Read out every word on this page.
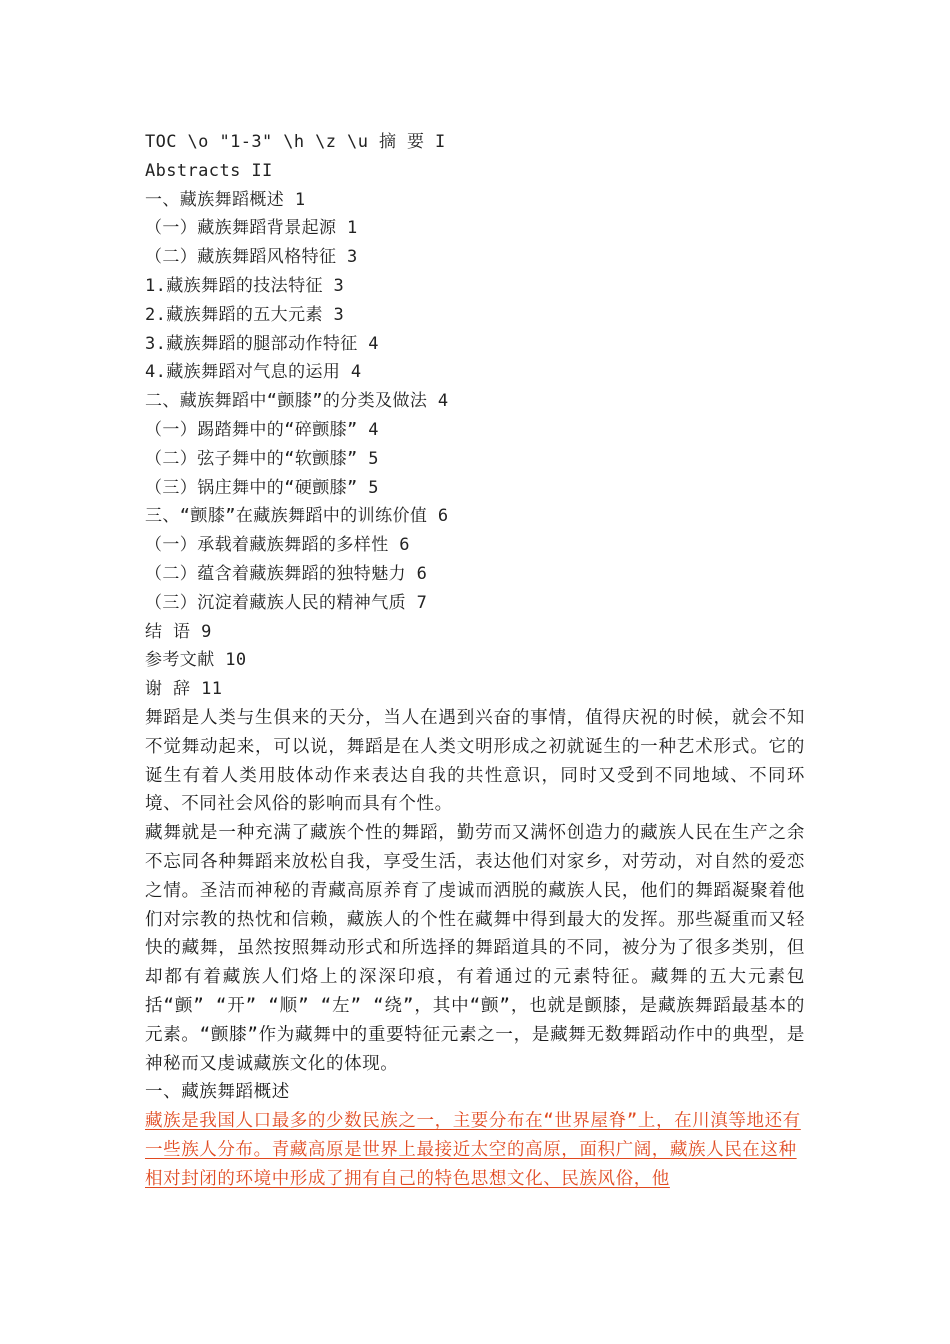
TOC \o "1-3" \h \z \u 摘 要 I
Abstracts II
一、藏族舞蹈概述 1
（一）藏族舞蹈背景起源 1
（二）藏族舞蹈风格特征 3
1.藏族舞蹈的技法特征 3
2.藏族舞蹈的五大元素 3
3.藏族舞蹈的腿部动作特征 4
4.藏族舞蹈对气息的运用 4
二、藏族舞蹈中“颤膝”的分类及做法 4
（一）踢踏舞中的“碎颤膝” 4
（二）弦子舞中的“软颤膝” 5
（三）锅庄舞中的“硬颤膝” 5
三、“颤膝”在藏族舞蹈中的训练价值 6
（一）承载着藏族舞蹈的多样性 6
（二）蕴含着藏族舞蹈的独特魅力 6
（三）沉淀着藏族人民的精神气质 7
结 语 9
参考文献 10
谢 辞 11

舞蹈是人类与生俱来的天分，当人在遇到兴奋的事情，值得庆祝的时候，就会不知不觉舞动起来，可以说，舞蹈是在人类文明形成之初就诞生的一种艺术形式。它的诞生有着人类用肢体动作来表达自我的共性意识，同时又受到不同地域、不同环境、不同社会风俗的影响而具有个性。

藏舞就是一种充满了藏族个性的舞蹈，勤劳而又满怀创造力的藏族人民在生产之余不忘同各种舞蹈来放松自我，享受生活，表达他们对家乡，对劳动，对自然的爱恋之情。圣洁而神秘的青藏高原养育了虔诚而洒脱的藏族人民，他们的舞蹈凝聚着他们对宗教的热忱和信赖，藏族人的个性在藏舞中得到最大的发挥。那些凝重而又轻快的藏舞，虽然按照舞动形式和所选择的舞蹈道具的不同，被分为了很多类别，但却都有着藏族人们烙上的深深印痕，有着通过的元素特征。藏舞的五大元素包括“颤” “开” “顺” “左” “绕”，其中“颤”，也就是颤膝，是藏族舞蹈最基本的元素。“颤膝”作为藏舞中的重要特征元素之一，是藏舞无数舞蹈动作中的典型，是神秘而又虔诚藏族文化的体现。

一、藏族舞蹈概述

藏族是我国人口最多的少数民族之一，主要分布在“世界屋脊”上，在川滇等地还有一些族人分布。青藏高原是世界上最接近太空的高原，面积广阔，藏族人民在这种相对封闭的环境中形成了拥有自己的特色思想文化、民族风俗，他
